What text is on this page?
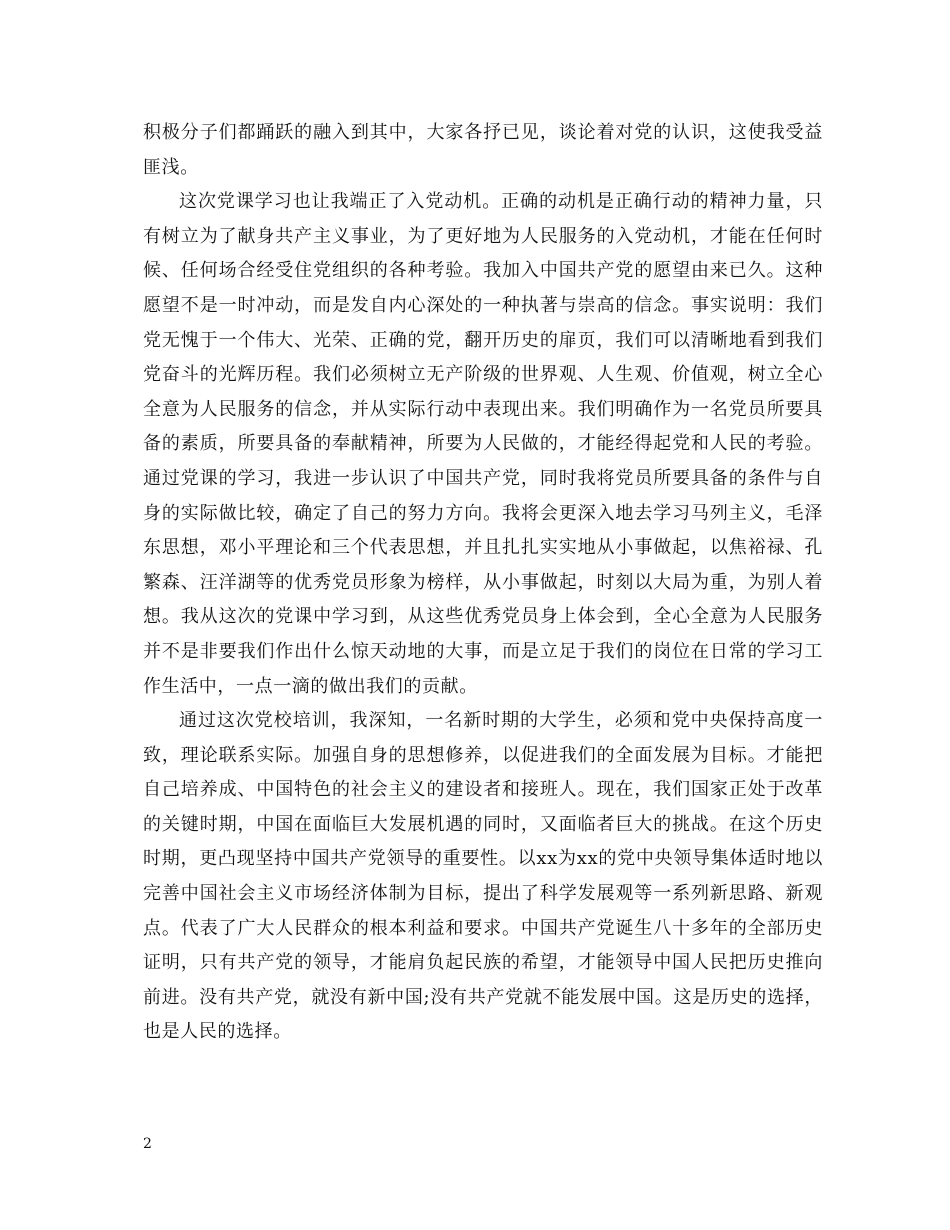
积极分子们都踊跃的融入到其中，大家各抒已见，谈论着对党的认识，这使我受益匪浅。

这次党课学习也让我端正了入党动机。正确的动机是正确行动的精神力量，只有树立为了献身共产主义事业，为了更好地为人民服务的入党动机，才能在任何时候、任何场合经受住党组织的各种考验。我加入中国共产党的愿望由来已久。这种愿望不是一时冲动，而是发自内心深处的一种执著与崇高的信念。事实说明：我们党无愧于一个伟大、光荣、正确的党，翻开历史的扉页，我们可以清晰地看到我们党奋斗的光辉历程。我们必须树立无产阶级的世界观、人生观、价值观，树立全心全意为人民服务的信念，并从实际行动中表现出来。我们明确作为一名党员所要具备的素质，所要具备的奉献精神，所要为人民做的，才能经得起党和人民的考验。通过党课的学习，我进一步认识了中国共产党，同时我将党员所要具备的条件与自身的实际做比较，确定了自己的努力方向。我将会更深入地去学习马列主义，毛泽东思想，邓小平理论和三个代表思想，并且扎扎实实地从小事做起，以焦裕禄、孔繁森、汪洋湖等的优秀党员形象为榜样，从小事做起，时刻以大局为重，为别人着想。我从这次的党课中学习到，从这些优秀党员身上体会到，全心全意为人民服务并不是非要我们作出什么惊天动地的大事，而是立足于我们的岗位在日常的学习工作生活中，一点一滴的做出我们的贡献。

通过这次党校培训，我深知，一名新时期的大学生，必须和党中央保持高度一致，理论联系实际。加强自身的思想修养，以促进我们的全面发展为目标。才能把自己培养成、中国特色的社会主义的建设者和接班人。现在，我们国家正处于改革的关键时期，中国在面临巨大发展机遇的同时，又面临者巨大的挑战。在这个历史时期，更凸现坚持中国共产党领导的重要性。以xx为xx的党中央领导集体适时地以完善中国社会主义市场经济体制为目标，提出了科学发展观等一系列新思路、新观点。代表了广大人民群众的根本利益和要求。中国共产党诞生八十多年的全部历史证明，只有共产党的领导，才能肩负起民族的希望，才能领导中国人民把历史推向前进。没有共产党，就没有新中国;没有共产党就不能发展中国。这是历史的选择，也是人民的选择。

2
